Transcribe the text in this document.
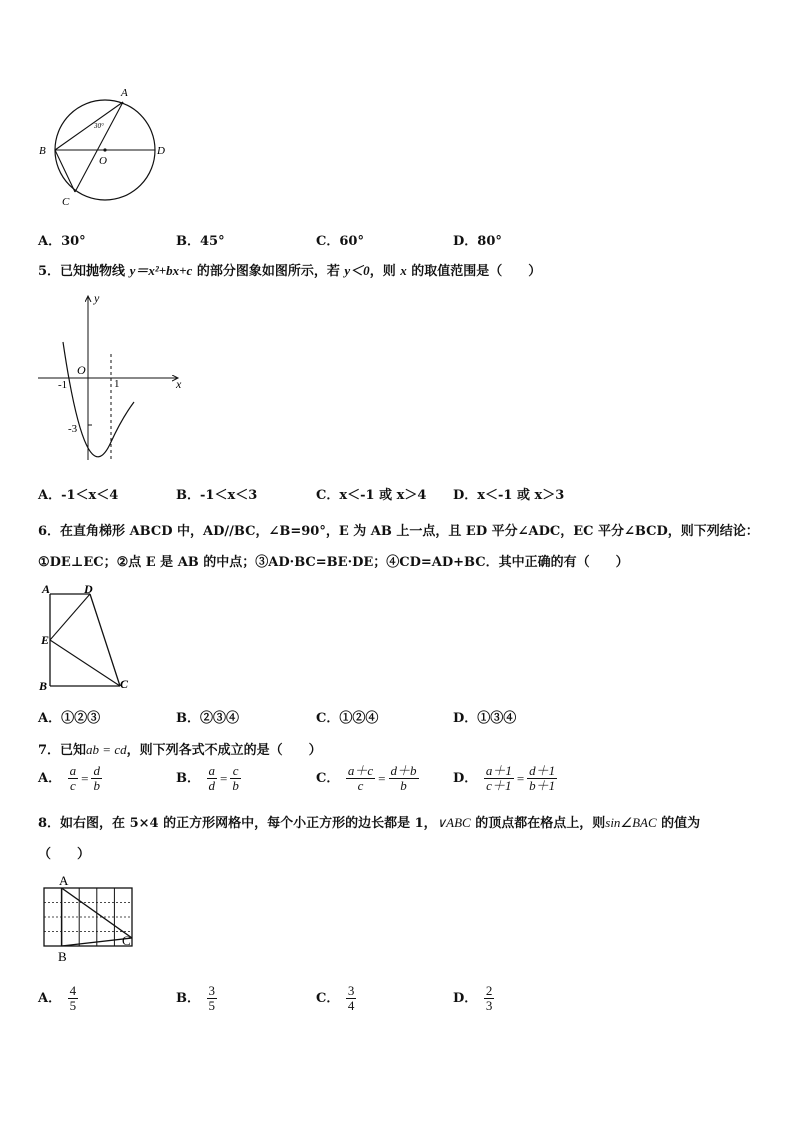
A
B
C
D
O
30°
A．30°	B．45°	C．60°	D．80°
5．已知抛物线 y＝x²+bx+c 的部分图象如图所示，若 y＜0，则 x 的取值范围是（　　）
y
x
O
-1	1
-3
A．-1＜x＜4	B．-1＜x＜3	C．x＜-1 或 x＞4 D．x＜-1 或 x＞3
6．在直角梯形 ABCD 中，AD//BC，∠B=90°，E 为 AB 上一点，且 ED 平分∠ADC，EC 平分∠BCD，则下列结论：
①DE⊥EC；②点 E 是 AB 的中点；③AD·BC=BE·DE；④CD=AD+BC．其中正确的有（　　）
A	D
E
B	C
A．①②③	B．②③④	C．①②④	D．①③④
7．已知ab = cd，则下列各式不成立的是（　　）
A． $\frac{a}{c} = \frac{d}{b}$	B． $\frac{a}{d} = \frac{c}{b}$	C． $\frac{a+c}{c} = \frac{d+b}{b}$	D． $\frac{a+1}{c+1} = \frac{d+1}{b+1}$
8．如右图，在 5×4 的正方形网格中，每个小正方形的边长都是 1，∨ABC 的顶点都在格点上，则sin∠BAC 的值为
（　　）
A
B
C
A． $\frac{4}{5}$	B． $\frac{3}{5}$	C． $\frac{3}{4}$	D． $\frac{2}{3}$
